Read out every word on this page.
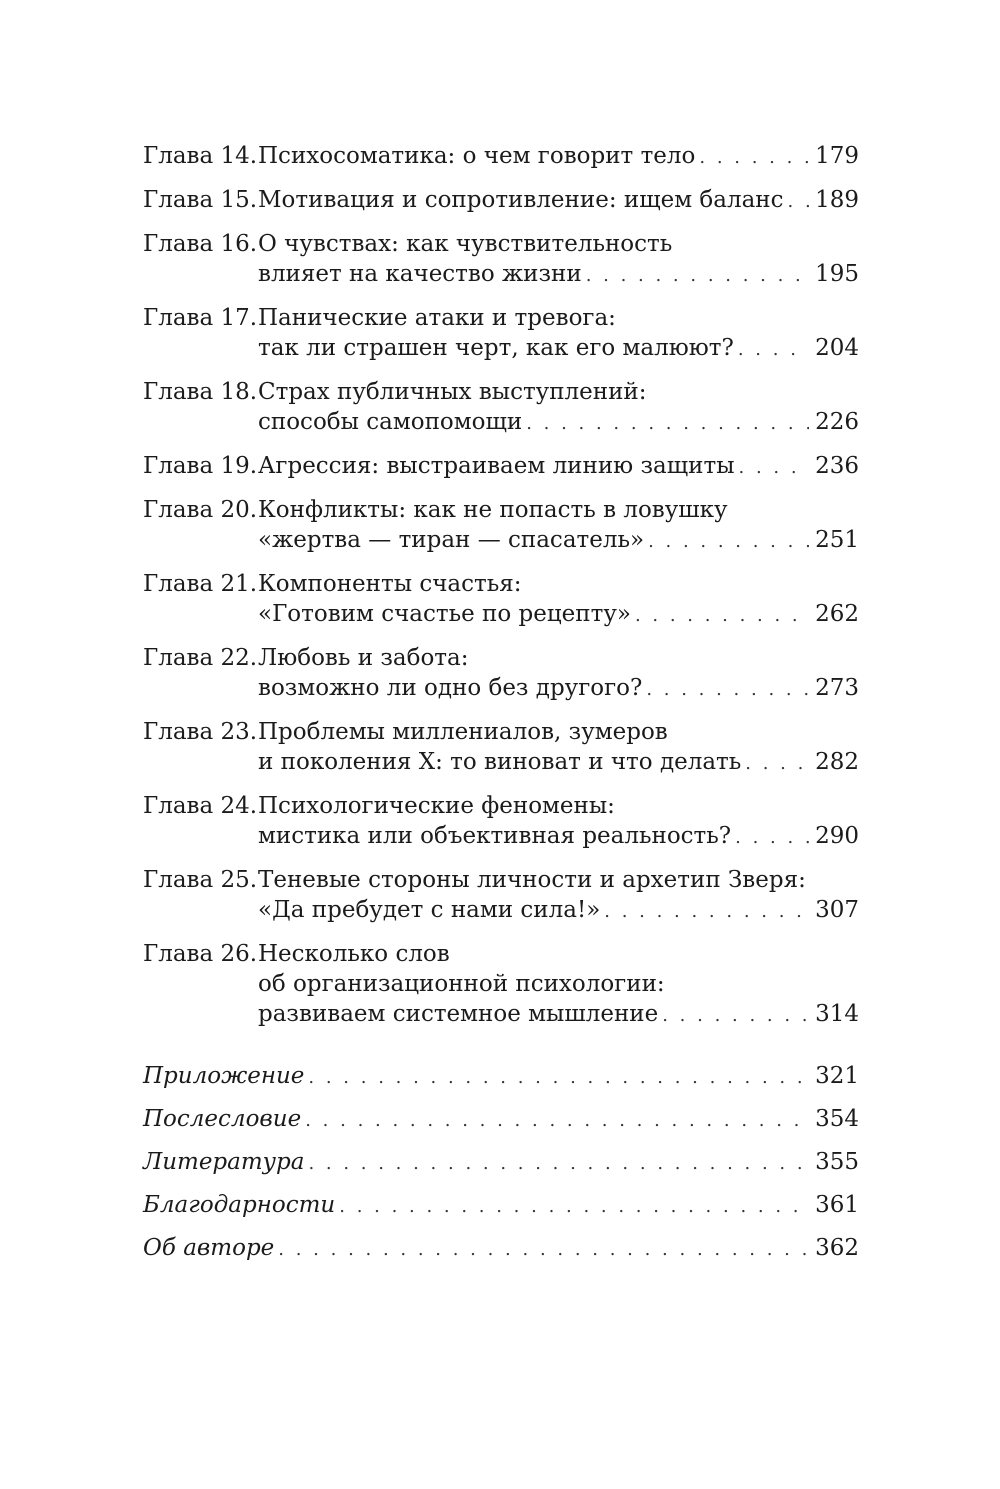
Глава 14. Психосоматика: о чем говорит тело . . .	179
Глава 15. Мотивация и сопротивление: ищем баланс . . . 189
Глава 16. О чувствах: как чувствительность
влияет на качество жизни . . .	195
Глава 17. Панические атаки и тревога:
так ли страшен черт, как его малюют? . . .	204
Глава 18. Страх публичных выступлений:
способы самопомощи . . .	226
Глава 19. Агрессия: выстраиваем линию защиты . . .	236
Глава 20. Конфликты: как не попасть в ловушку
«жертва — тиран — спасатель» . . .	251
Глава 21. Компоненты счастья:
«Готовим счастье по рецепту» . . .	262
Глава 22. Любовь и забота:
возможно ли одно без другого? . . .	273
Глава 23. Проблемы миллениалов, зумеров
и поколения Х: то виноват и что делать . . .	282
Глава 24. Психологические феномены:
мистика или объективная реальность? . . .	290
Глава 25. Теневые стороны личности и архетип Зверя:
«Да пребудет с нами сила!» . . .	307
Глава 26. Несколько слов
об организационной психологии:
развиваем системное мышление . . .	314
Приложение . . .	321
Послесловие . . .	354
Литература . . .	355
Благодарности . . .	361
Об авторе . . .	362
